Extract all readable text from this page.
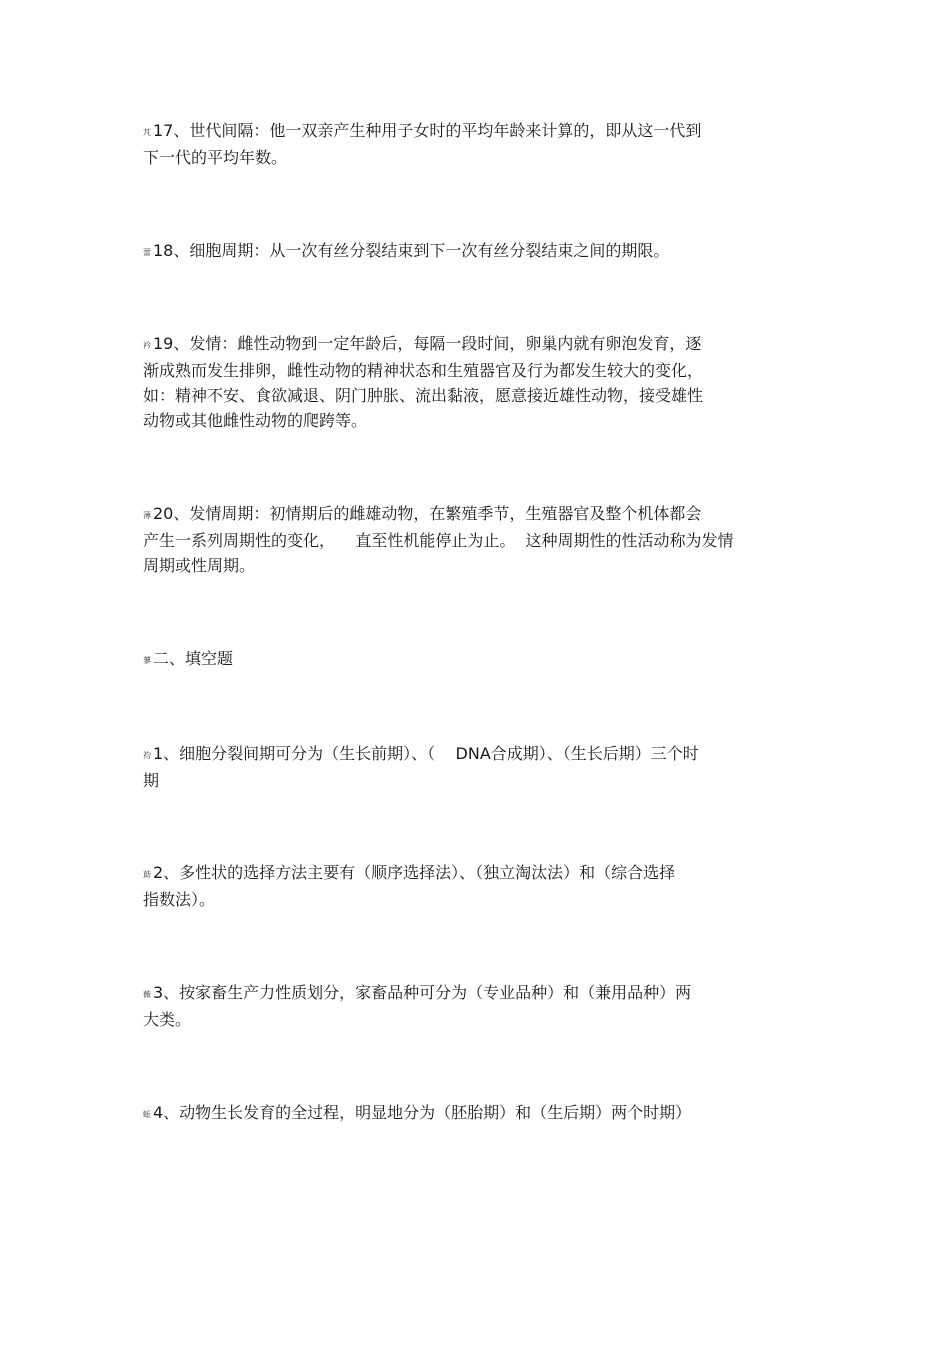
芃 17、世代间隔：他一双亲产生种用子女时的平均年龄来计算的，即从这一代到
下一代的平均年数。
蕾 18、细胞周期：从一次有丝分裂结束到下一次有丝分裂结束之间的期限。
衿 19、发情：雌性动物到一定年龄后，每隔一段时间，卵巢内就有卵泡发育，逐
渐成熟而发生排卵，雌性动物的精神状态和生殖器官及行为都发生较大的变化，
如：精神不安、食欲减退、阴门肿胀、流出黏液，愿意接近雄性动物，接受雄性
动物或其他雌性动物的爬跨等。
薄 20、发情周期：初情期后的雌雄动物，在繁殖季节，生殖器官及整个机体都会
产生一系列周期性的变化，    直至性机能停止为止。  这种周期性的性活动称为发情
周期或性周期。
蓼 二、填空题
袀 1、细胞分裂间期可分为（生长前期）、（    DNA合成期）、（生长后期）三个时
期
莇 2、多性状的选择方法主要有（顺序选择法）、（独立淘汰法）和（综合选择
指数法）。
薇 3、按家畜生产力性质划分，家畜品种可分为（专业品种）和（兼用品种）两
大类。
蚯 4、动物生长发育的全过程，明显地分为（胚胎期）和（生后期）两个时期）
